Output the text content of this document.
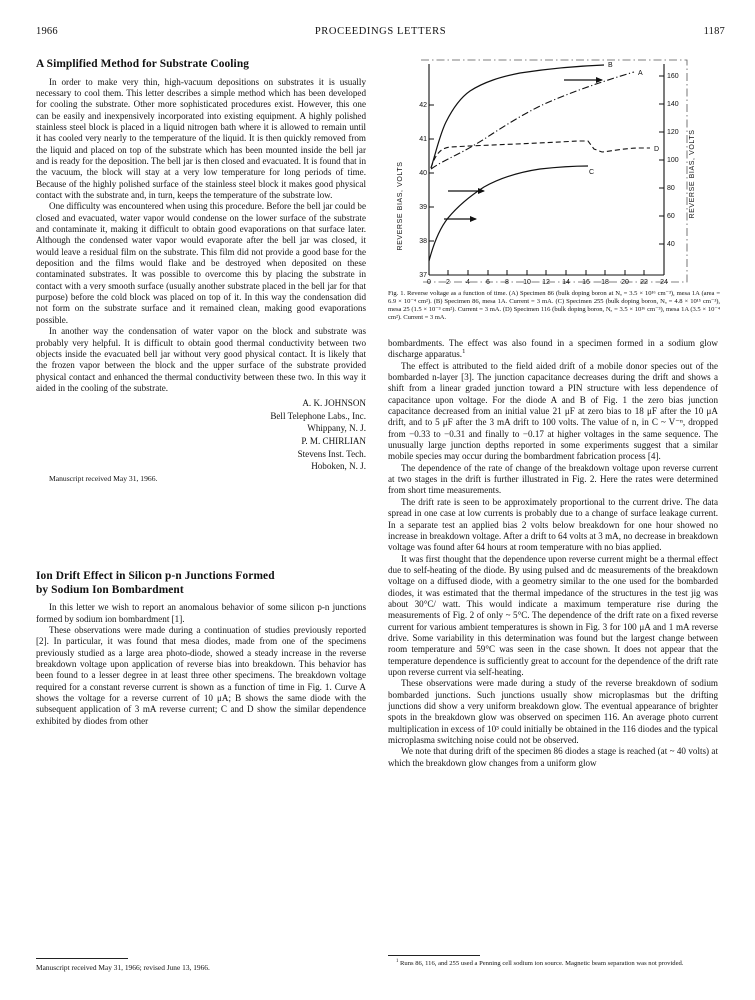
1966	PROCEEDINGS LETTERS	1187
A Simplified Method for Substrate Cooling

In order to make very thin, high-vacuum depositions on substrates it is usually necessary to cool them. This letter describes a simple method which has been developed for cooling the substrate. Other more sophisticated procedures exist. However, this one can be easily and inexpensively incorporated into existing equipment. A highly polished stainless steel block is placed in a liquid nitrogen bath where it is allowed to remain until it has cooled very nearly to the temperature of the liquid. It is then quickly removed from the liquid and placed on top of the substrate which has been mounted inside the bell jar and is ready for the deposition. The bell jar is then closed and evacuated. It is found that in the vacuum, the block will stay at a very low temperature for long periods of time. Because of the highly polished surface of the stainless steel block it makes good physical contact with the substrate and, in turn, keeps the temperature of the substrate low.

One difficulty was encountered when using this procedure. Before the bell jar could be closed and evacuated, water vapor would condense on the lower surface of the substrate and contaminate it, making it difficult to obtain good evaporations on that surface later. Although the condensed water vapor would evaporate after the bell jar was closed, it would leave a residual film on the substrate. This film did not provide a good base for the deposition and the films would flake and be destroyed when deposited on these contaminated substrates. It was possible to overcome this by placing the substrate in contact with a very smooth surface (usually another substrate placed in the bell jar for that purpose) before the cold block was placed on top of it. In this way the condensation did not form on the substrate surface and it remained clean, making good evaporations possible.

In another way the condensation of water vapor on the block and substrate was probably very helpful. It is difficult to obtain good thermal conductivity between two objects inside the evacuated bell jar without very good physical contact. It is likely that the frozen vapor between the block and the upper surface of the substrate provided physical contact and enhanced the thermal conductivity between these two. In this way it aided in the cooling of the substrate.

A. K. JOHNSON
Bell Telephone Labs., Inc.
Whippany, N. J.
P. M. CHIRLIAN
Stevens Inst. Tech.
Hoboken, N. J.

Manuscript received May 31, 1966.

Ion Drift Effect in Silicon p-n Junctions Formed
by Sodium Ion Bombardment

In this letter we wish to report an anomalous behavior of some silicon p-n junctions formed by sodium ion bombardment [1].

These observations were made during a continuation of studies previously reported [2]. In particular, it was found that mesa diodes, made from one of the specimens previously studied as a large area photo-diode, showed a steady increase in the reverse breakdown voltage upon application of reverse bias into breakdown. This behavior has been found to a lesser degree in at least three other specimens. The breakdown voltage required for a constant reverse current is shown as a function of time in Fig. 1. Curve A shows the voltage for a reverse current of 10 μA; B shows the same diode with the subsequent application of 3 mA reverse current; C and D show the similar dependence exhibited by diodes from other

Manuscript received May 31, 1966; revised June 13, 1966.
37
38
39
40
41
42
REVERSE BIAS, VOLTS	40
60
80
100
120
140
160
REVERSE BIAS, VOLTS
0 2 4 6 8 10 12 14 16 18 20 22 24
B
A
D
C
Fig. 1. Reverse voltage as a function of time. (A) Specimen 86 (bulk doping boron at Nₐ = 3.5 × 10¹⁶ cm⁻³), mesa 1A (area = 6.9 × 10⁻⁴ cm²). (B) Specimen 86, mesa 1A. Current = 3 mA. (C) Specimen 255 (bulk doping boron, Nₐ = 4.8 × 10¹⁵ cm⁻³), mesa 25 (1.5 × 10⁻³ cm²). Current = 3 mA. (D) Specimen 116 (bulk doping boron, Nₐ = 3.5 × 10¹⁶ cm⁻³), mesa 1A (3.5 × 10⁻⁴ cm²). Current = 3 mA.

bombardments. The effect was also found in a specimen formed in a sodium glow discharge apparatus.$^1$

The effect is attributed to the field aided drift of a mobile donor species out of the bombarded n-layer [3]. The junction capacitance decreases during the drift and shows a shift from a linear graded junction toward a PIN structure with less dependence of capacitance upon voltage. For the diode A and B of Fig. 1 the zero bias junction capacitance decreased from an initial value 21 μF at zero bias to 18 μF after the 10 μA drift, and to 5 μF after the 3 mA drift to 100 volts. The value of n, in C ~ V⁻ⁿ, dropped from −0.33 to −0.31 and finally to −0.17 at higher voltages in the same sequence. The unusually large junction depths reported in some experiments suggest that a similar mobile species may occur during the bombardment fabrication process [4].

The dependence of the rate of change of the breakdown voltage upon reverse current at two stages in the drift is further illustrated in Fig. 2. Here the rates were determined from short time measurements.

The drift rate is seen to be approximately proportional to the current drive. The data spread in one case at low currents is probably due to a change of surface leakage current. In a separate test an applied bias 2 volts below breakdown for one hour showed no increase in breakdown voltage. After a drift to 64 volts at 3 mA, no decrease in breakdown voltage was found after 64 hours at room temperature with no bias applied.

It was first thought that the dependence upon reverse current might be a thermal effect due to self-heating of the diode. By using pulsed and dc measurements of the breakdown voltage on a diffused diode, with a geometry similar to the one used for the bombarded diodes, it was estimated that the thermal impedance of the structures in the test jig was about 30°C/ watt. This would indicate a maximum temperature rise during the measurements of Fig. 2 of only ~ 5°C. The dependence of the drift rate on a fixed reverse current for various ambient temperatures is shown in Fig. 3 for 100 μA and 1 mA reverse drive. Some variability in this determination was found but the largest change between room temperature and 59°C was seen in the case shown. It does not appear that the temperature dependence is sufficiently great to account for the dependence of the drift rate upon reverse current via self-heating.

These observations were made during a study of the reverse breakdown of sodium bombarded junctions. Such junctions usually show microplasmas but the drifting junctions did show a very uniform breakdown glow. The eventual appearance of brighter spots in the breakdown glow was observed on specimen 116. An average photo current multiplication in excess of 10³ could initially be obtained in the 116 diodes and the typical microplasma switching noise could not be observed.

We note that during drift of the specimen 86 diodes a stage is reached (at ~ 40 volts) at which the breakdown glow changes from a uniform glow

$^1$ Runs 86, 116, and 255 used a Penning cell sodium ion source. Magnetic beam separation was not provided.
